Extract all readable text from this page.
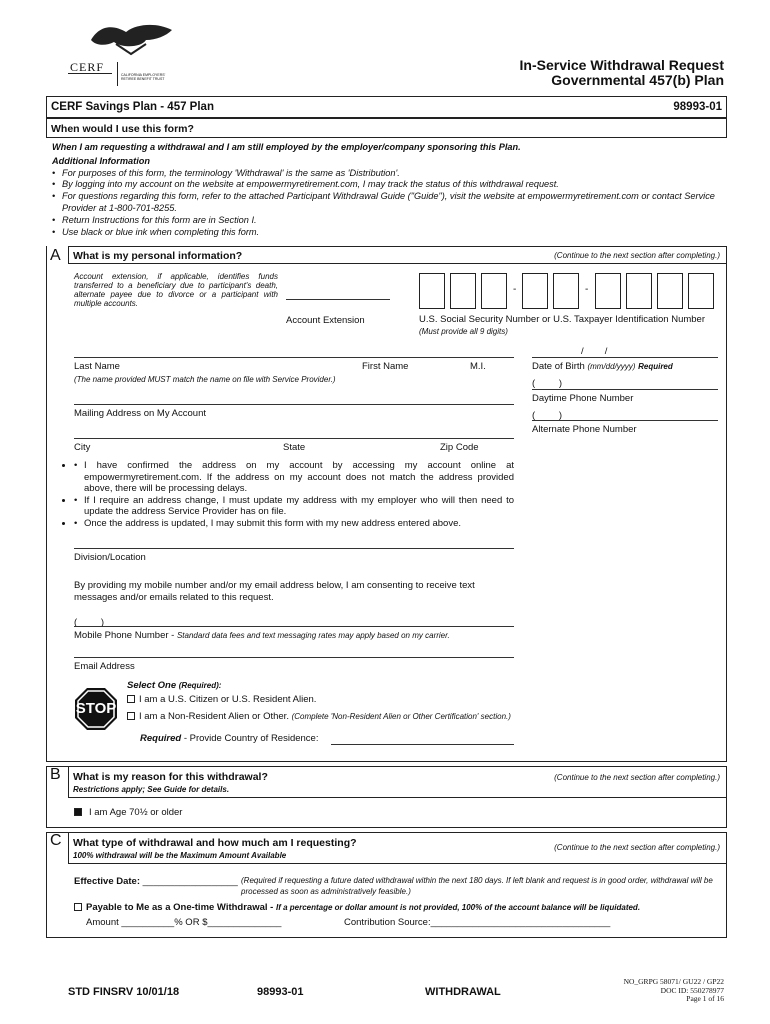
CERF
CALIFORNIA EMPLOYERS' RETIREE BENEFIT TRUST
In-Service Withdrawal Request
Governmental 457(b) Plan
CERF Savings Plan - 457 Plan	98993-01
When would I use this form?
When I am requesting a withdrawal and I am still employed by the employer/company sponsoring this Plan.
Additional Information
• For purposes of this form, the terminology 'Withdrawal' is the same as 'Distribution'.
• By logging into my account on the website at empowermyretirement.com, I may track the status of this withdrawal request.
• For questions regarding this form, refer to the attached Participant Withdrawal Guide ("Guide"), visit the website at empowermyretirement.com or contact Service Provider at 1-800-701-8255.
• Return Instructions for this form are in Section I.
• Use black or blue ink when completing this form.
A What is my personal information?	(Continue to the next section after completing.)
Account extension, if applicable, identifies funds transferred to a beneficiary due to participant's death, alternate payee due to divorce or a participant with multiple accounts.
Account Extension
-	-
U.S. Social Security Number or U.S. Taxpayer Identification Number
(Must provide all 9 digits)
Last Name	First Name	M.I.
(The name provided MUST match the name on file with Service Provider.)
/        /
Date of Birth (mm/dd/yyyy) Required
(         )
Daytime Phone Number
(         )
Alternate Phone Number
Mailing Address on My Account
City	State	Zip Code
• • I have confirmed the address on my account by accessing my account online at empowermyretirement.com. If the address on my account does not match the address provided above, there will be processing delays.
• • If I require an address change, I must update my address with my employer who will then need to update the address Service Provider has on file.
• • Once the address is updated, I may submit this form with my new address entered above.
Division/Location
By providing my mobile number and/or my email address below, I am consenting to receive text messages and/or emails related to this request.
(         )
Mobile Phone Number - Standard data fees and text messaging rates may apply based on my carrier.
Email Address
STOP
Select One (Required):
I am a U.S. Citizen or U.S. Resident Alien.
I am a Non-Resident Alien or Other. (Complete 'Non-Resident Alien or Other Certification' section.)
Required - Provide Country of Residence:
B What is my reason for this withdrawal?
Restrictions apply; See Guide for details.
(Continue to the next section after completing.)
I am Age 70½ or older
C What type of withdrawal and how much am I requesting?
100% withdrawal will be the Maximum Amount Available
(Continue to the next section after completing.)
Effective Date: __________________ (Required if requesting a future dated withdrawal within the next 180 days. If left blank and request is in good order, withdrawal will be processed as soon as administratively feasible.)
Payable to Me as a One-time Withdrawal - If a percentage or dollar amount is not provided, 100% of the account balance will be liquidated.
Amount __________% OR $______________	Contribution Source:__________________________________
STD FINSRV 10/01/18	98993-01	WITHDRAWAL
NO_GRPG 58071/ GU22 / GP22
DOC ID: 550278977
Page 1 of 16
